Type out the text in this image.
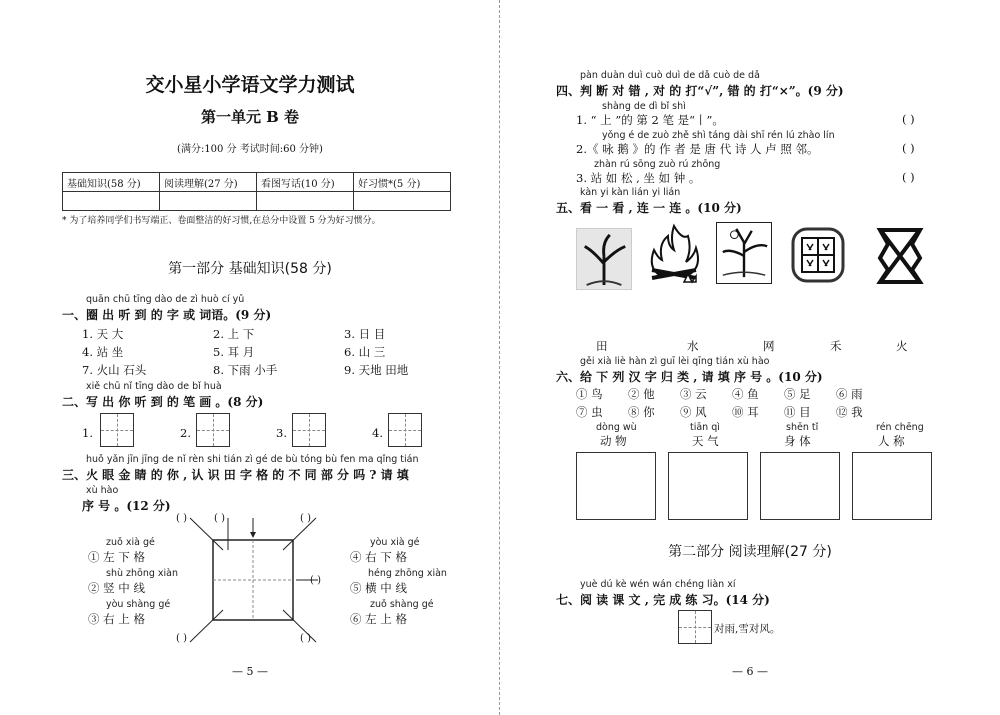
交小星小学语文学力测试
第一单元 B 卷
(满分:100 分 考试时间:60 分钟)
基础知识(58 分)	阅读理解(27 分)	看图写话(10 分)	好习惯*(5 分)

* 为了培养同学们书写端正、卷面整洁的好习惯,在总分中设置 5 分为好习惯分。
第一部分 基础知识(58 分)
quān chū tīng dào de zì huò cí yǔ
一、圈 出 听 到 的 字 或 词语。(9 分)
1. 天 大	2. 上 下	3. 日 目
4. 站 坐	5. 耳 月	6. 山 三
7. 火山 石头	8. 下雨 小手	9. 天地 田地
xiě chū nǐ tīng dào de bǐ huà
二、写 出 你 听 到 的 笔 画 。(8 分)
1.	2.	3.	4.
huǒ yǎn jīn jīng de nǐ rèn shi tián zì gé de bù tóng bù fen ma qǐng tián
三、火 眼 金 睛 的 你 , 认 识 田 字 格 的 不 同 部 分 吗 ? 请 填
xù hào
序 号 。(12 分)
zuǒ xià gé
① 左 下 格
shù zhōng xiàn
② 竖 中 线
yòu shàng gé
③ 右 上 格
yòu xià gé
④ 右 下 格
héng zhōng xiàn
⑤ 横 中 线
zuǒ shàng gé
⑥ 左 上 格
( )	( )	( )
( )
( )	( )
— 5 —
pàn duàn duì cuò duì de dǎ cuò de dǎ
四、判 断 对 错 , 对 的 打“√”, 错 的 打“×”。(9 分)
shàng de dì bǐ shì
1. “ 上 ”的 第 2 笔 是“丨”。	( )
yǒng é de zuò zhě shì táng dài shī rén lú zhào lín
2.《 咏 鹅 》的 作 者 是 唐 代 诗 人 卢 照 邻。	( )
zhàn rú sōng zuò rú zhōng
3. 站 如 松 , 坐 如 钟 。	( )
kàn yi kàn lián yi lián
五、看 一 看 , 连 一 连 。(10 分)
田	水	网	禾	火
gěi xià liè hàn zì guī lèi qīng tián xù hào
六、给 下 列 汉 字 归 类 , 请 填 序 号 。(10 分)
① 鸟 ② 他 ③ 云 ④ 鱼 ⑤ 足 ⑥ 雨
⑦ 虫 ⑧ 你 ⑨ 风 ⑩ 耳 ⑪ 目 ⑫ 我
dòng wù
动 物
tiān qì
天 气
shēn tǐ
身 体
rén chēng
人 称
第二部分 阅读理解(27 分)
yuè dú kè wén wán chéng liàn xí
七、阅 读 课 文 , 完 成 练 习。(14 分)
对雨,雪对风。
— 6 —
